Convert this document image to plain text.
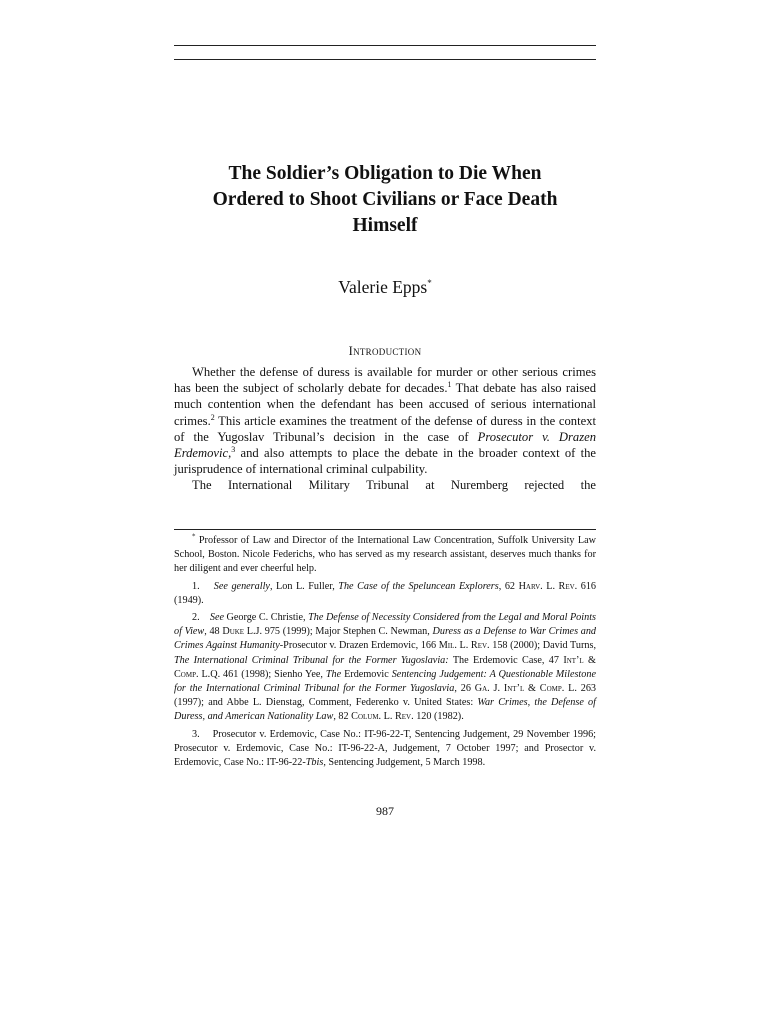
The Soldier’s Obligation to Die When
Ordered to Shoot Civilians or Face Death
Himself
Valerie Epps*
Introduction

Whether the defense of duress is available for murder or other serious crimes has been the subject of scholarly debate for decades.$^1$ That debate has also raised much contention when the defendant has been accused of serious international crimes.$^2$ This article examines the treatment of the defense of duress in the context of the Yugoslav Tribunal’s decision in the case of Prosecutor v. Drazen Erdemovic,$^3$ and also attempts to place the debate in the broader context of the jurisprudence of international criminal culpability.

The International Military Tribunal at Nuremberg rejected the

* Professor of Law and Director of the International Law Concentration, Suffolk University Law School, Boston. Nicole Federichs, who has served as my research assistant, deserves much thanks for her diligent and ever cheerful help.

1. See generally, Lon L. Fuller, The Case of the Speluncean Explorers, 62 Harv. L. Rev. 616 (1949).

2. See George C. Christie, The Defense of Necessity Considered from the Legal and Moral Points of View, 48 Duke L.J. 975 (1999); Major Stephen C. Newman, Duress as a Defense to War Crimes and Crimes Against Humanity-Prosecutor v. Drazen Erdemovic, 166 Mil. L. Rev. 158 (2000); David Turns, The International Criminal Tribunal for the Former Yugoslavia: The Erdemovic Case, 47 Int’l & Comp. L.Q. 461 (1998); Sienho Yee, The Erdemovic Sentencing Judgement: A Questionable Milestone for the International Criminal Tribunal for the Former Yugoslavia, 26 Ga. J. Int’l & Comp. L. 263 (1997); and Abbe L. Dienstag, Comment, Federenko v. United States: War Crimes, the Defense of Duress, and American Nationality Law, 82 Colum. L. Rev. 120 (1982).

3. Prosecutor v. Erdemovic, Case No.: IT-96-22-T, Sentencing Judgement, 29 November 1996; Prosecutor v. Erdemovic, Case No.: IT-96-22-A, Judgement, 7 October 1997; and Prosector v. Erdemovic, Case No.: IT-96-22-Tbis, Sentencing Judgement, 5 March 1998.

987
